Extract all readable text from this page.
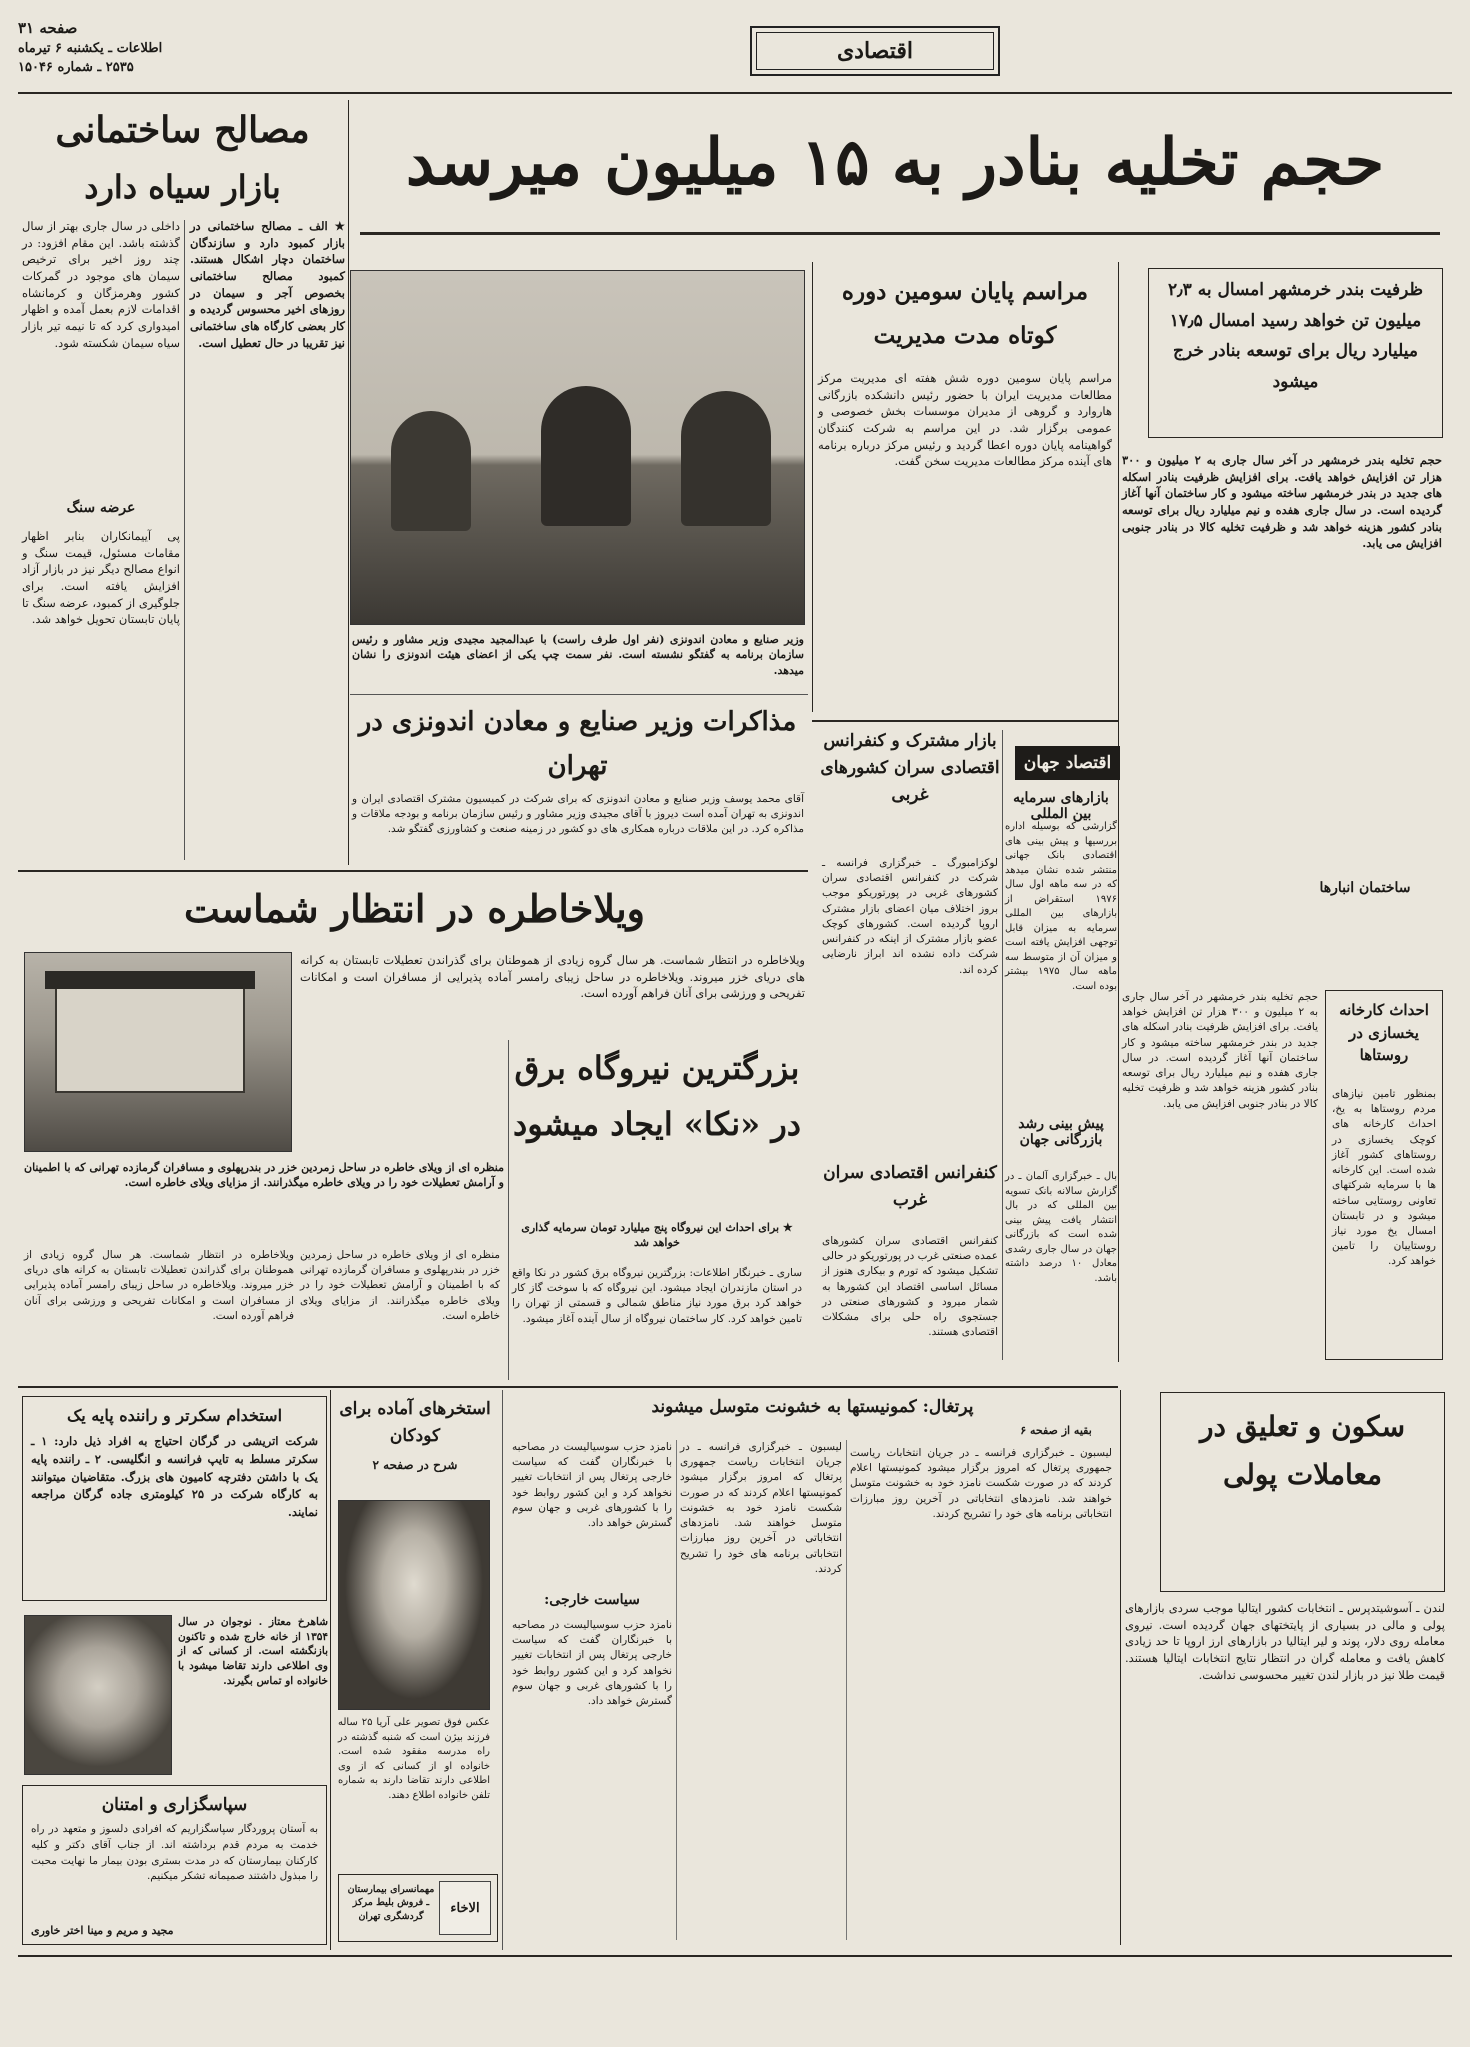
صفحه ۳۱
اطلاعات ـ یکشنبه ۶ تیرماه
۲۵۳۵ ـ شماره ۱۵۰۴۶
اقتصادی
حجم تخلیه بنادر به ۱۵ میلیون میرسد
مصالح ساختمانی
بازار سیاه دارد
★ الف ـ مصالح ساختمانی در بازار کمبود دارد و سازندگان ساختمان دچار اشکال هستند. کمبود مصالح ساختمانی بخصوص آجر و سیمان در روزهای اخیر محسوس گردیده و کار بعضی کارگاه های ساختمانی نیز تقریبا در حال تعطیل است.
داخلی در سال جاری بهتر از سال گذشته باشد. این مقام افزود: در چند روز اخیر برای ترخیص سیمان های موجود در گمرکات کشور وهرمزگان و کرمانشاه اقدامات لازم بعمل آمده و اظهار امیدواری کرد که تا نیمه تیر بازار سیاه سیمان شکسته شود.
عرضه سنگ
پی آییمانکاران بنابر اظهار مقامات مسئول، قیمت سنگ و انواع مصالح دیگر نیز در بازار آزاد افزایش یافته است. برای جلوگیری از کمبود، عرضه سنگ تا پایان تابستان تحویل خواهد شد.
وزیر صنایع و معادن اندونزی (نفر اول طرف راست) با عبدالمجید مجیدی وزیر مشاور و رئیس سازمان برنامه به گفتگو نشسته است. نفر سمت چپ یکی از اعضای هیئت اندونزی را نشان میدهد.
مذاکرات وزیر صنایع و معادن اندونزی در تهران
آقای محمد یوسف وزیر صنایع و معادن اندونزی که برای شرکت در کمیسیون مشترک اقتصادی ایران و اندونزی به تهران آمده است دیروز با آقای مجیدی وزیر مشاور و رئیس سازمان برنامه و بودجه ملاقات و مذاکره کرد. در این ملاقات درباره همکاری های دو کشور در زمینه صنعت و کشاورزی گفتگو شد.
مراسم پایان سومین دوره کوتاه مدت مدیریت
مراسم پایان سومین دوره شش هفته ای مدیریت مرکز مطالعات مدیریت ایران با حضور رئیس دانشکده بازرگانی هاروارد و گروهی از مدیران موسسات بخش خصوصی و عمومی برگزار شد. در این مراسم به شرکت کنندگان گواهینامه پایان دوره اعطا گردید و رئیس مرکز درباره برنامه های آینده مرکز مطالعات مدیریت سخن گفت.
ظرفیت بندر خرمشهر امسال به ۲٫۳ میلیون تن خواهد رسید امسال ۱۷٫۵ میلیارد ریال برای توسعه بنادر خرج میشود
حجم تخلیه بندر خرمشهر در آخر سال جاری به ۲ میلیون و ۳۰۰ هزار تن افزایش خواهد یافت. برای افزایش ظرفیت بنادر اسکله های جدید در بندر خرمشهر ساخته میشود و کار ساختمان آنها آغاز گردیده است. در سال جاری هفده و نیم میلیارد ریال برای توسعه بنادر کشور هزینه خواهد شد و ظرفیت تخلیه کالا در بنادر جنوبی افزایش می یابد.
ساختمان انبارها
اقتصاد جهان
بازارهای سرمایه بین المللی
گزارشی که بوسیله اداره بررسیها و پیش بینی های اقتصادی بانک جهانی منتشر شده نشان میدهد که در سه ماهه اول سال ۱۹۷۶ استقراض از بازارهای بین المللی سرمایه به میزان قابل توجهی افزایش یافته است و میزان آن از متوسط سه ماهه سال ۱۹۷۵ بیشتر بوده است.
پیش بینی رشد بازرگانی جهان
بال ـ خبرگزاری آلمان ـ در گزارش سالانه بانک تسویه بین المللی که در بال انتشار یافت پیش بینی شده است که بازرگانی جهان در سال جاری رشدی معادل ۱۰ درصد داشته باشد.
بازار مشترک و کنفرانس اقتصادی سران کشورهای غربی
لوکزامبورگ ـ خبرگزاری فرانسه ـ شرکت در کنفرانس اقتصادی سران کشورهای غربی در پورتوریکو موجب بروز اختلاف میان اعضای بازار مشترک اروپا گردیده است. کشورهای کوچک عضو بازار مشترک از اینکه در کنفرانس شرکت داده نشده اند ابراز نارضایی کرده اند.
کنفرانس اقتصادی سران غرب
کنفرانس اقتصادی سران کشورهای عمده صنعتی غرب در پورتوریکو در حالی تشکیل میشود که تورم و بیکاری هنوز از مسائل اساسی اقتصاد این کشورها به شمار میرود و کشورهای صنعتی در جستجوی راه حلی برای مشکلات اقتصادی هستند.
احداث کارخانه یخسازی در روستاها
بمنظور تامین نیازهای مردم روستاها به یخ، احداث کارخانه های کوچک یخسازی در روستاهای کشور آغاز شده است. این کارخانه ها با سرمایه شرکتهای تعاونی روستایی ساخته میشود و در تابستان امسال یخ مورد نیاز روستاییان را تامین خواهد کرد.
حجم تخلیه بندر خرمشهر در آخر سال جاری به ۲ میلیون و ۳۰۰ هزار تن افزایش خواهد یافت. برای افزایش ظرفیت بنادر اسکله های جدید در بندر خرمشهر ساخته میشود و کار ساختمان آنها آغاز گردیده است. در سال جاری هفده و نیم میلیارد ریال برای توسعه بنادر کشور هزینه خواهد شد و ظرفیت تخلیه کالا در بنادر جنوبی افزایش می یابد.
ویلاخاطره در انتظار شماست
ویلاخاطره در انتظار شماست. هر سال گروه زیادی از هموطنان برای گذراندن تعطیلات تابستان به کرانه های دریای خزر میروند. ویلاخاطره در ساحل زیبای رامسر آماده پذیرایی از مسافران است و امکانات تفریحی و ورزشی برای آنان فراهم آورده است.
منظره ای از ویلای خاطره در ساحل زمردین خزر در بندرپهلوی و مسافران گرمازده تهرانی که با اطمینان و آرامش تعطیلات خود را در ویلای خاطره میگذرانند. از مزایای ویلای خاطره است.
ویلاخاطره در انتظار شماست. هر سال گروه زیادی از هموطنان برای گذراندن تعطیلات تابستان به کرانه های دریای خزر میروند. ویلاخاطره در ساحل زیبای رامسر آماده پذیرایی از مسافران است و امکانات تفریحی و ورزشی برای آنان فراهم آورده است.
منظره ای از ویلای خاطره در ساحل زمردین خزر در بندرپهلوی و مسافران گرمازده تهرانی که با اطمینان و آرامش تعطیلات خود را در ویلای خاطره میگذرانند. از مزایای ویلای خاطره است.
بزرگترین نیروگاه برق در «نکا» ایجاد میشود
★ برای احداث این نیروگاه پنج میلیارد تومان سرمایه گذاری خواهد شد
ساری ـ خبرنگار اطلاعات: بزرگترین نیروگاه برق کشور در نکا واقع در استان مازندران ایجاد میشود. این نیروگاه که با سوخت گاز کار خواهد کرد برق مورد نیاز مناطق شمالی و قسمتی از تهران را تامین خواهد کرد. کار ساختمان نیروگاه از سال آینده آغاز میشود.
استخدام سکرتر و راننده پایه یک
شرکت اتریشی در گرگان احتیاج به افراد ذیل دارد: ۱ ـ سکرتر مسلط به تایپ فرانسه و انگلیسی. ۲ ـ راننده پایه یک با داشتن دفترچه کامیون های بزرگ. متقاضیان میتوانند به کارگاه شرکت در ۲۵ کیلومتری جاده گرگان مراجعه نمایند.
شاهرخ معتاز . نوجوان در سال ۱۳۵۴ از خانه خارج شده و تاکنون بازنگشته است. از کسانی که از وی اطلاعی دارند تقاضا میشود با خانواده او تماس بگیرند.
سپاسگزاری و امتنان
به آستان پروردگار سپاسگزاریم که افرادی دلسوز و متعهد در راه خدمت به مردم قدم برداشته اند. از جناب آقای دکتر و کلیه کارکنان بیمارستان که در مدت بستری بودن بیمار ما نهایت محبت را مبذول داشتند صمیمانه تشکر میکنیم.
مجید و مریم و مینا اختر خاوری
استخرهای آماده برای کودکان
شرح در صفحه ۲
عکس فوق تصویر علی آریا ۲۵ ساله فرزند بیژن است که شنبه گذشته در راه مدرسه مفقود شده است. خانواده او از کسانی که از وی اطلاعی دارند تقاضا دارند به شماره تلفن خانواده اطلاع دهند.
الاخاء
مهمانسرای بیمارستان ـ فروش بلیط مرکز گردشگری تهران
پرتغال: کمونیستها به خشونت متوسل میشوند
بقیه از صفحه ۶
لیسبون ـ خبرگزاری فرانسه ـ در جریان انتخابات ریاست جمهوری پرتغال که امروز برگزار میشود کمونیستها اعلام کردند که در صورت شکست نامزد خود به خشونت متوسل خواهند شد. نامزدهای انتخاباتی در آخرین روز مبارزات انتخاباتی برنامه های خود را تشریح کردند.
نامزد حزب سوسیالیست در مصاحبه با خبرنگاران گفت که سیاست خارجی پرتغال پس از انتخابات تغییر نخواهد کرد و این کشور روابط خود را با کشورهای غربی و جهان سوم گسترش خواهد داد.
سیاست خارجی:
نامزد حزب سوسیالیست در مصاحبه با خبرنگاران گفت که سیاست خارجی پرتغال پس از انتخابات تغییر نخواهد کرد و این کشور روابط خود را با کشورهای غربی و جهان سوم گسترش خواهد داد.
لیسبون ـ خبرگزاری فرانسه ـ در جریان انتخابات ریاست جمهوری پرتغال که امروز برگزار میشود کمونیستها اعلام کردند که در صورت شکست نامزد خود به خشونت متوسل خواهند شد. نامزدهای انتخاباتی در آخرین روز مبارزات انتخاباتی برنامه های خود را تشریح کردند.
سکون و تعلیق در معاملات پولی
لندن ـ آسوشیتدپرس ـ انتخابات کشور ایتالیا موجب سردی بازارهای پولی و مالی در بسیاری از پایتختهای جهان گردیده است. نیروی معامله روی دلار، پوند و لیر ایتالیا در بازارهای ارز اروپا تا حد زیادی کاهش یافت و معامله گران در انتظار نتایج انتخابات ایتالیا هستند. قیمت طلا نیز در بازار لندن تغییر محسوسی نداشت.
